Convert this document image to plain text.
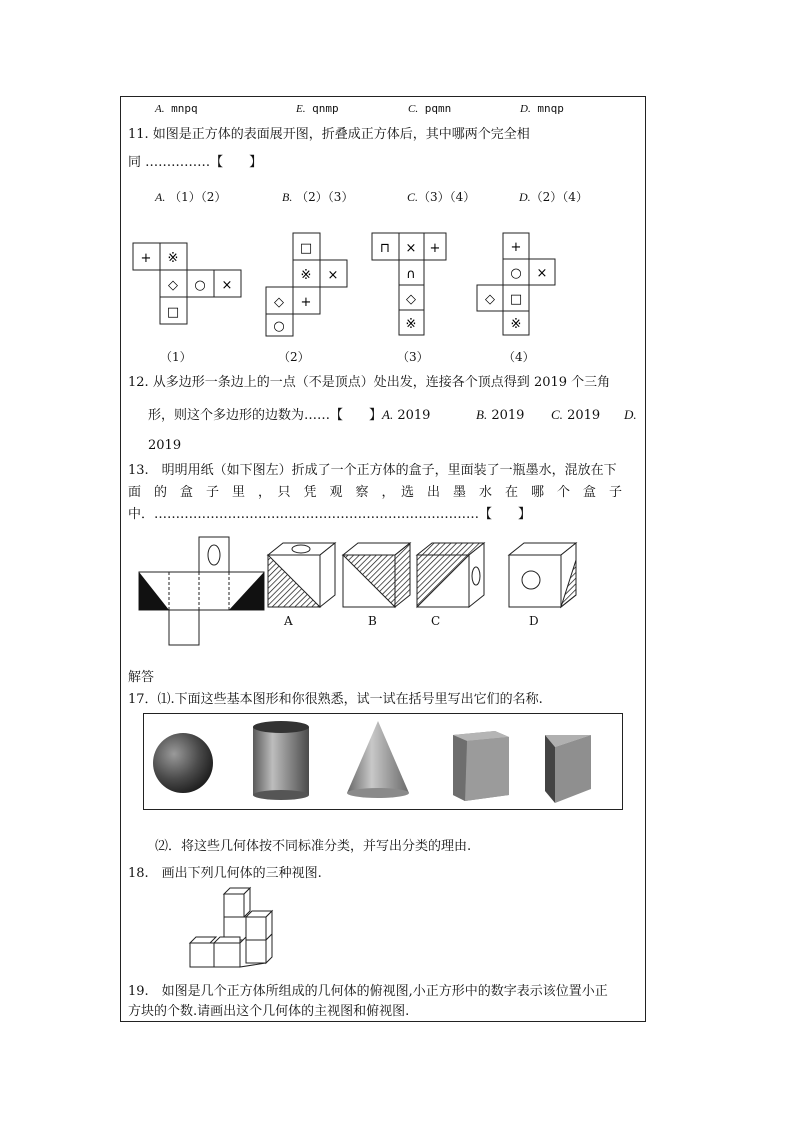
A. mnpq	E. qnmp	C. pqmn	D. mnqp
11. 如图是正方体的表面展开图，折叠成正方体后，其中哪两个完全相
同 ……………【　　】
A. （1）（2）	B. （2）（3）	C.（3）（4）	D.（2）（4）
+ ※
◇ ○ ×
□
（1）
□
※ ×
◇ +
○
（2）
⊓ × +
∩
◇
※
（3）
+
○ ×
◇ □
※
（4）
12. 从多边形一条边上的一点（不是顶点）处出发，连接各个顶点得到 2019 个三角
形，则这个多边形的边数为……【　　】A. 2019	B. 2019 C. 2019 D.
2019
13.　明明用纸（如下图左）折成了一个正方体的盒子，里面装了一瓶墨水，混放在下
面　的　盒　子　里　，　只　凭　观　察　，　选　出　墨　水　在　哪　个　盒　子
中．…………………………………………………………………【　　】
A	B	C	D
解答
17．⑴.下面这些基本图形和你很熟悉，试一试在括号里写出它们的名称.
⑵．将这些几何体按不同标准分类，并写出分类的理由.
18.　画出下列几何体的三种视图.
19.　如图是几个正方体所组成的几何体的俯视图,小正方形中的数字表示该位置小正
方块的个数.请画出这个几何体的主视图和俯视图.
